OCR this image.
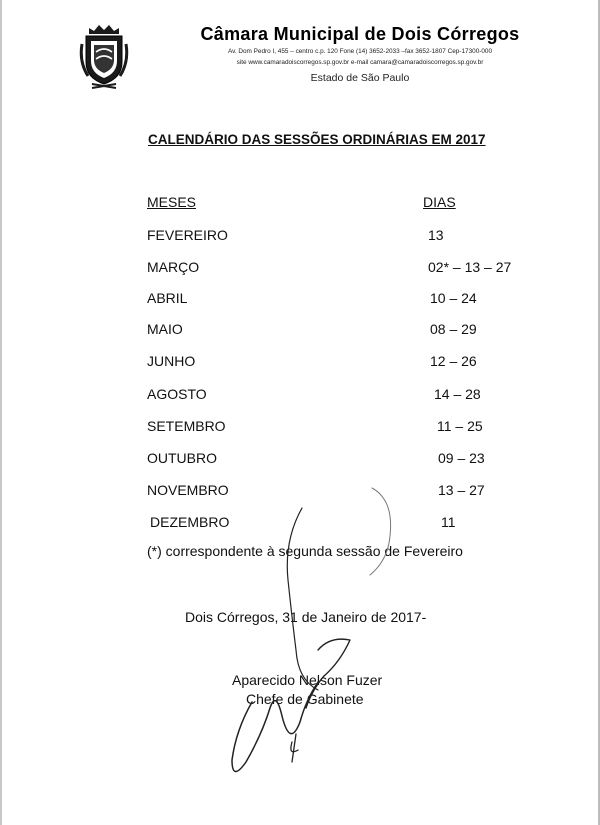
Câmara Municipal de Dois Córregos
Av. Dom Pedro I, 455 – centro c.p. 120 Fone (14) 3652-2033 –fax 3652-1807 Cep-17300-000
site www.camaradoiscorregos.sp.gov.br e-mail camara@camaradoiscorregos.sp.gov.br
Estado de São Paulo
CALENDÁRIO DAS SESSÕES ORDINÁRIAS EM 2017
MESES	DIAS
FEVEREIRO	13
MARÇO	02* – 13 – 27
ABRIL	10 – 24
MAIO	08 – 29
JUNHO	12 – 26
AGOSTO	14 – 28
SETEMBRO	11 – 25
OUTUBRO	09 – 23
NOVEMBRO	13 – 27
DEZEMBRO	11
(*) correspondente à segunda sessão de Fevereiro
Dois Córregos, 31 de Janeiro de 2017-
Aparecido Nelson Fuzer
Chefe de Gabinete
